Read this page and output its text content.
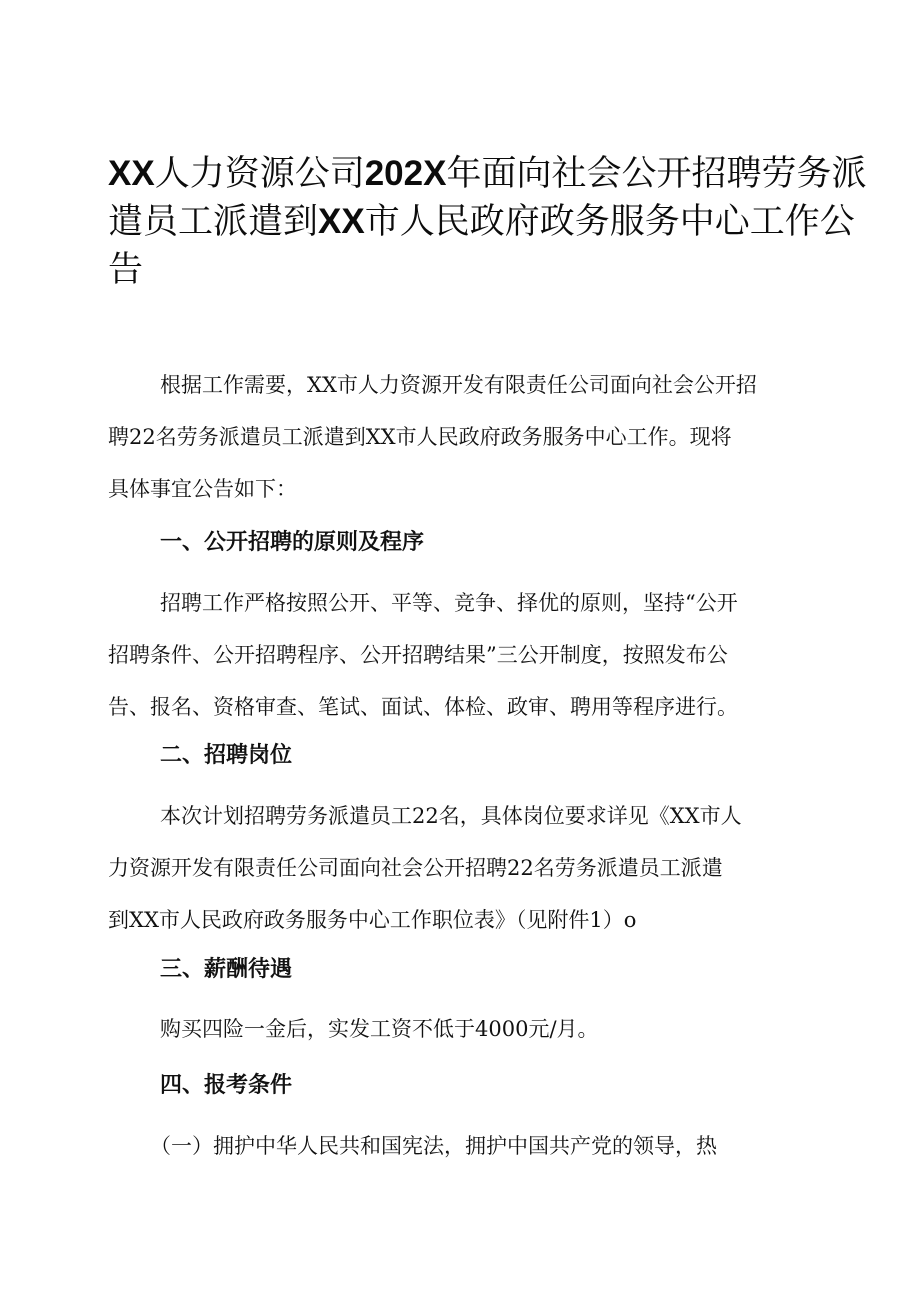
XX人力资源公司202X年面向社会公开招聘劳务派
遣员工派遣到XX市人民政府政务服务中心工作公
告
根据工作需要，XX市人力资源开发有限责任公司面向社会公开招
聘22名劳务派遣员工派遣到XX市人民政府政务服务中心工作。现将
具体事宜公告如下：
一、公开招聘的原则及程序
招聘工作严格按照公开、平等、竞争、择优的原则，坚持“公开
招聘条件、公开招聘程序、公开招聘结果”三公开制度，按照发布公
告、报名、资格审查、笔试、面试、体检、政审、聘用等程序进行。
二、招聘岗位
本次计划招聘劳务派遣员工22名，具体岗位要求详见《XX市人
力资源开发有限责任公司面向社会公开招聘22名劳务派遣员工派遣
到XX市人民政府政务服务中心工作职位表》（见附件1）o
三、薪酬待遇
购买四险一金后，实发工资不低于4000元/月。
四、报考条件
（一）拥护中华人民共和国宪法，拥护中国共产党的领导，热
